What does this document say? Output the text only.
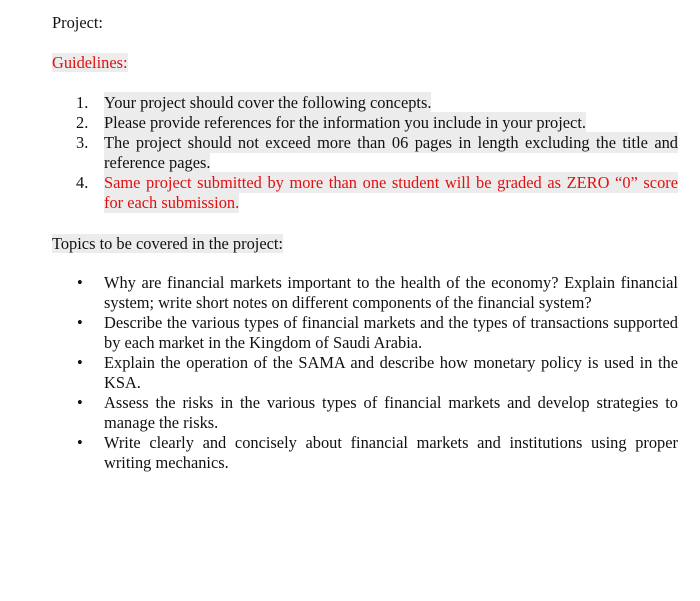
Project:
Guidelines:
1. Your project should cover the following concepts.
2. Please provide references for the information you include in your project.
3. The project should not exceed more than 06 pages in length excluding the title and reference pages.
4. Same project submitted by more than one student will be graded as ZERO “0” score for each submission.
Topics to be covered in the project:
• Why are financial markets important to the health of the economy? Explain financial system; write short notes on different components of the financial system?
• Describe the various types of financial markets and the types of transactions supported by each market in the Kingdom of Saudi Arabia.
• Explain the operation of the SAMA and describe how monetary policy is used in the KSA.
• Assess the risks in the various types of financial markets and develop strategies to manage the risks.
• Write clearly and concisely about financial markets and institutions using proper writing mechanics.
